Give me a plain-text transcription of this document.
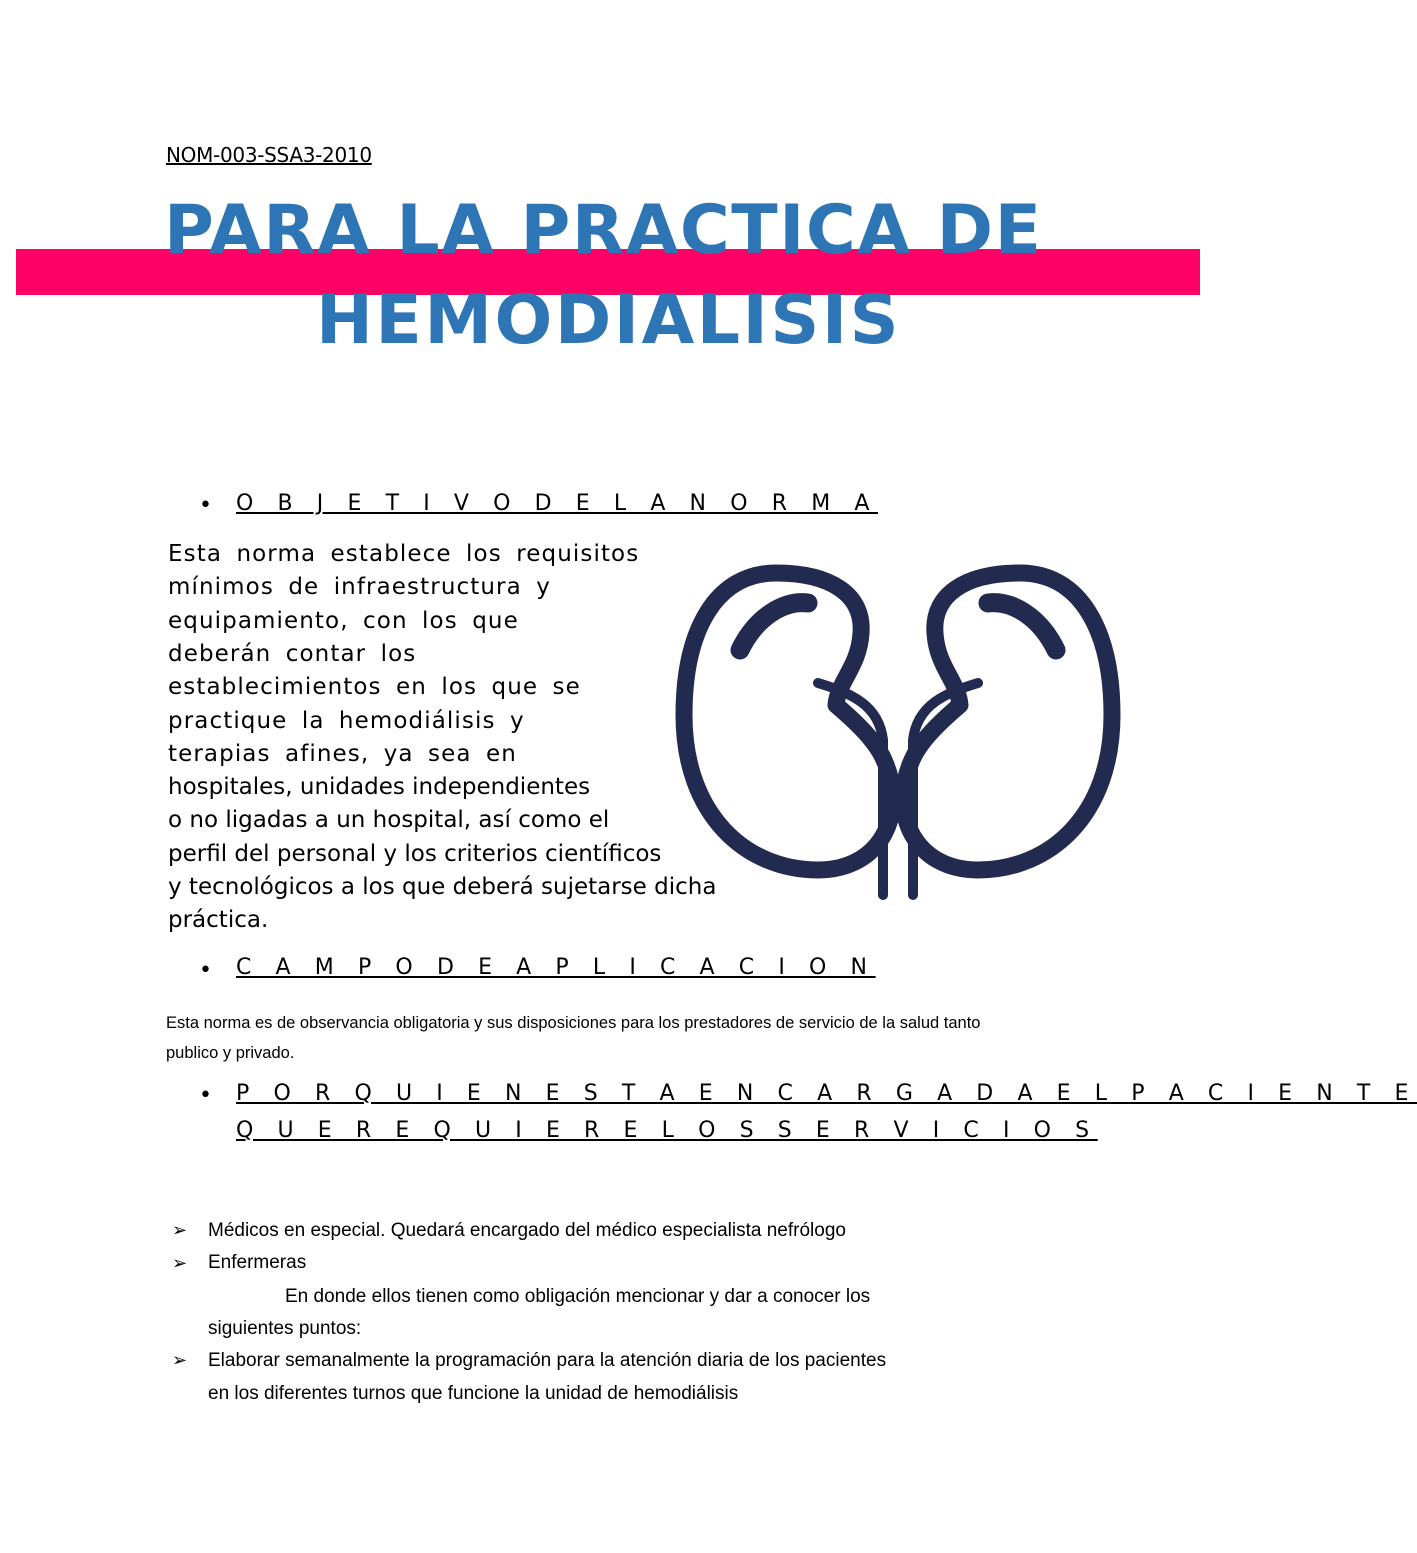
NOM-003-SSA3-2010
PARA LA PRACTICA DE
HEMODIALISIS
• O B J E T I V O D E L A N O R M A
Esta norma establece los requisitos
mínimos de infraestructura y
equipamiento, con los que
deberán contar los
establecimientos en los que se
practique la hemodiálisis y
terapias afines, ya sea en
hospitales, unidades independientes
o no ligadas a un hospital, así como el
perfil del personal y los criterios científicos
y tecnológicos a los que deberá sujetarse dicha
práctica.
• C A M P O D E A P L I C A C I O N
Esta norma es de observancia obligatoria y sus disposiciones para los prestadores de servicio de la salud tanto publico y privado.
• P O R Q U I E N E S T A E N C A R G A D A E L P A C I E N T E
Q U E R E Q U I E R E L O S S E R V I C I O S
➢ Médicos en especial. Quedará encargado del médico especialista nefrólogo
➢ Enfermeras
En donde ellos tienen como obligación mencionar y dar a conocer los
siguientes puntos:
➢ Elaborar semanalmente la programación para la atención diaria de los pacientes
en los diferentes turnos que funcione la unidad de hemodiálisis
